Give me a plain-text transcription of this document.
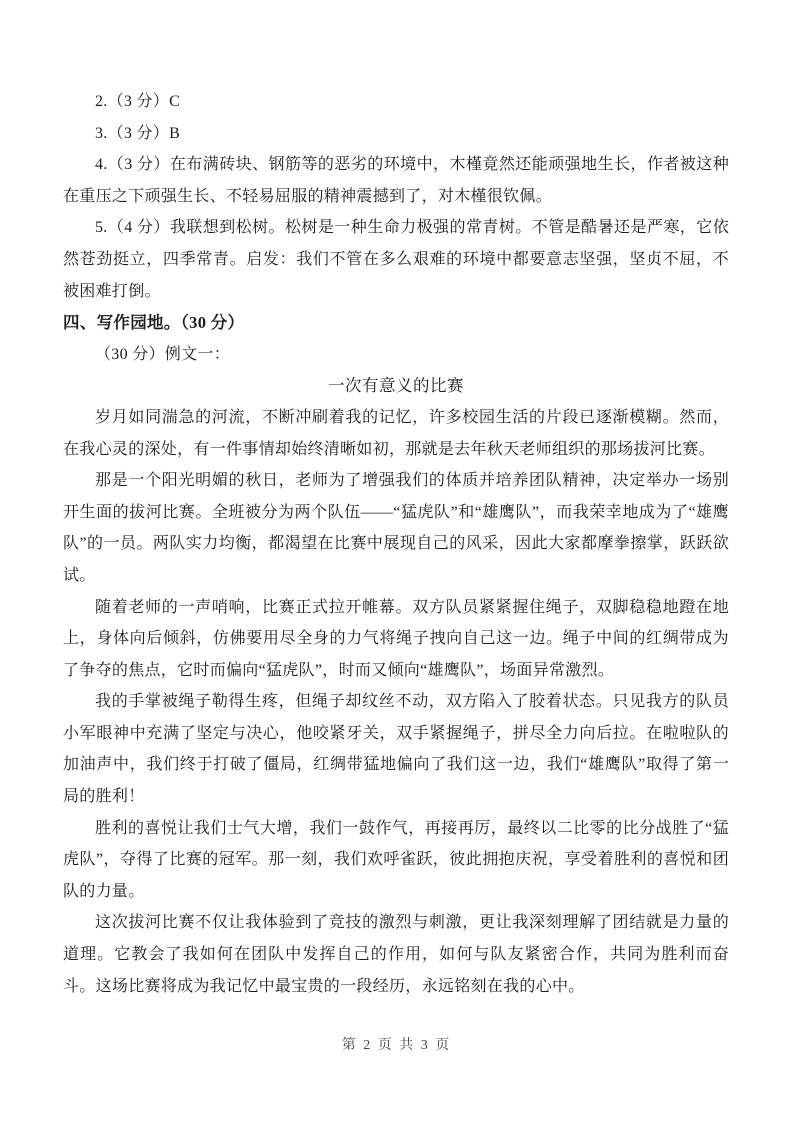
2.（3 分）C

3.（3 分）B

4.（3 分）在布满砖块、钢筋等的恶劣的环境中，木槿竟然还能顽强地生长，作者被这种在重压之下顽强生长、不轻易屈服的精神震撼到了，对木槿很钦佩。

5.（4 分）我联想到松树。松树是一种生命力极强的常青树。不管是酷暑还是严寒，它依然苍劲挺立，四季常青。启发：我们不管在多么艰难的环境中都要意志坚强，坚贞不屈，不被困难打倒。

四、写作园地。（30 分）

（30 分）例文一：

一次有意义的比赛

岁月如同湍急的河流，不断冲刷着我的记忆，许多校园生活的片段已逐渐模糊。然而，在我心灵的深处，有一件事情却始终清晰如初，那就是去年秋天老师组织的那场拔河比赛。

那是一个阳光明媚的秋日，老师为了增强我们的体质并培养团队精神，决定举办一场别开生面的拔河比赛。全班被分为两个队伍——“猛虎队”和“雄鹰队”，而我荣幸地成为了“雄鹰队”的一员。两队实力均衡，都渴望在比赛中展现自己的风采，因此大家都摩拳擦掌，跃跃欲试。

随着老师的一声哨响，比赛正式拉开帷幕。双方队员紧紧握住绳子，双脚稳稳地蹬在地上，身体向后倾斜，仿佛要用尽全身的力气将绳子拽向自己这一边。绳子中间的红绸带成为了争夺的焦点，它时而偏向“猛虎队”，时而又倾向“雄鹰队”，场面异常激烈。

我的手掌被绳子勒得生疼，但绳子却纹丝不动，双方陷入了胶着状态。只见我方的队员小军眼神中充满了坚定与决心，他咬紧牙关，双手紧握绳子，拼尽全力向后拉。在啦啦队的加油声中，我们终于打破了僵局，红绸带猛地偏向了我们这一边，我们“雄鹰队”取得了第一局的胜利！

胜利的喜悦让我们士气大增，我们一鼓作气，再接再厉，最终以二比零的比分战胜了“猛虎队”，夺得了比赛的冠军。那一刻，我们欢呼雀跃，彼此拥抱庆祝，享受着胜利的喜悦和团队的力量。

这次拔河比赛不仅让我体验到了竞技的激烈与刺激，更让我深刻理解了团结就是力量的道理。它教会了我如何在团队中发挥自己的作用，如何与队友紧密合作，共同为胜利而奋斗。这场比赛将成为我记忆中最宝贵的一段经历，永远铭刻在我的心中。

第 2 页 共 3 页
